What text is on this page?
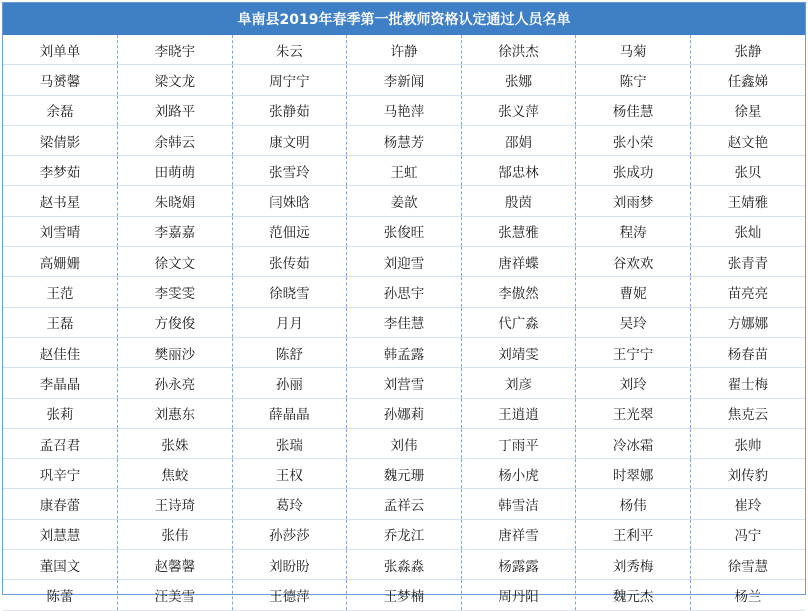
阜南县2019年春季第一批教师资格认定通过人员名单
刘单单	李晓宇	朱云	许静	徐洪杰	马菊	张静
马赟馨	梁文龙	周宁宁	李新闻	张娜	陈宁	任鑫娣
余磊	刘路平	张静茹	马艳萍	张义萍	杨佳慧	徐星
梁倩影	余韩云	康文明	杨慧芳	邵娟	张小荣	赵文艳
李梦茹	田萌萌	张雪玲	王虹	郜忠林	张成功	张贝
赵书星	朱晓娟	闫姝晗	姜歆	殷茵	刘雨梦	王婧雅
刘雪晴	李嘉嘉	范佃远	张俊旺	张慧雅	程涛	张灿
高姗姗	徐文文	张传茹	刘迎雪	唐祥蝶	谷欢欢	张青青
王范	李雯雯	徐晓雪	孙思宇	李傲然	曹妮	苗亮亮
王磊	方俊俊	月月	李佳慧	代广淼	吴玲	方娜娜
赵佳佳	樊丽沙	陈舒	韩孟露	刘靖雯	王宁宁	杨春苗
李晶晶	孙永亮	孙丽	刘营雪	刘彦	刘玲	翟士梅
张莉	刘惠东	薛晶晶	孙娜莉	王逍逍	王光翠	焦克云
孟召君	张姝	张瑞	刘伟	丁雨平	冷冰霜	张帅
巩辛宁	焦蛟	王权	魏元珊	杨小虎	时翠娜	刘传豹
康春蕾	王诗琦	葛玲	孟祥云	韩雪洁	杨伟	崔玲
刘慧慧	张伟	孙莎莎	乔龙江	唐祥雪	王利平	冯宁
董国文	赵馨馨	刘盼盼	张淼淼	杨露露	刘秀梅	徐雪慧
陈蕾	汪美雪	王德萍	王梦楠	周丹阳	魏元杰	杨兰
